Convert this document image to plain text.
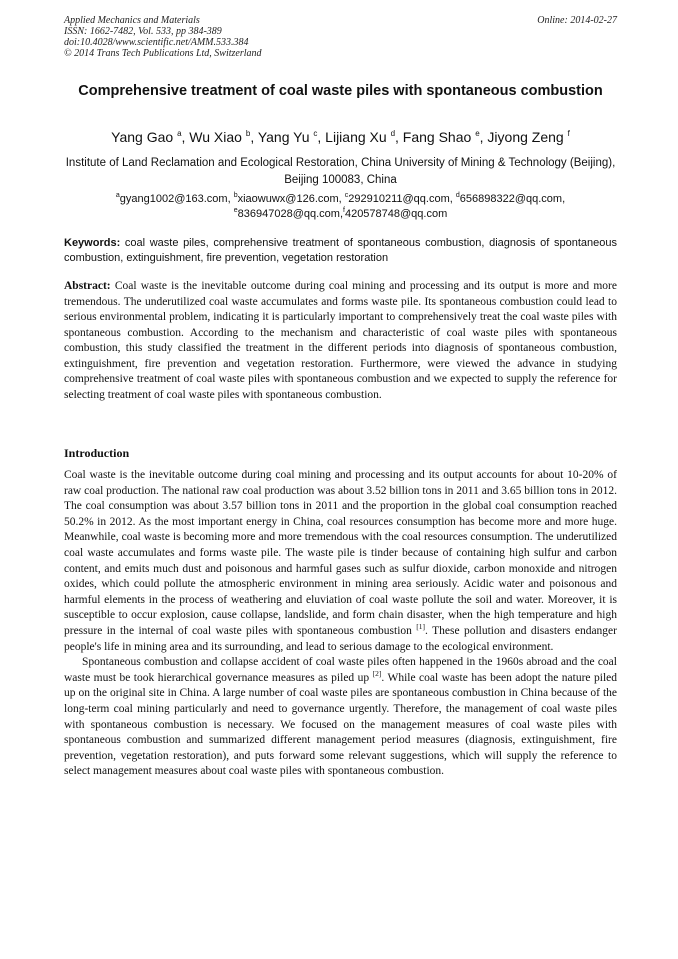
Applied Mechanics and Materials
ISSN: 1662-7482, Vol. 533, pp 384-389
doi:10.4028/www.scientific.net/AMM.533.384
© 2014 Trans Tech Publications Ltd, Switzerland
Online: 2014-02-27
Comprehensive treatment of coal waste piles with spontaneous combustion
Yang Gao $^a$, Wu Xiao $^b$, Yang Yu $^c$, Lijiang Xu $^d$, Fang Shao $^e$, Jiyong Zeng $^f$
Institute of Land Reclamation and Ecological Restoration, China University of Mining & Technology (Beijing), Beijing 100083, China
$^a$gyang1002@163.com, $^b$xiaowuwx@126.com, $^c$292910211@qq.com, $^d$656898322@qq.com,
$^e$836947028@qq.com,$^f$420578748@qq.com
Keywords: coal waste piles, comprehensive treatment of spontaneous combustion, diagnosis of spontaneous combustion, extinguishment, fire prevention, vegetation restoration
Abstract: Coal waste is the inevitable outcome during coal mining and processing and its output is more and more tremendous. The underutilized coal waste accumulates and forms waste pile. Its spontaneous combustion could lead to serious environmental problem, indicating it is particularly important to comprehensively treat the coal waste piles with spontaneous combustion. According to the mechanism and characteristic of coal waste piles with spontaneous combustion, this study classified the treatment in the different periods into diagnosis of spontaneous combustion, extinguishment, fire prevention and vegetation restoration. Furthermore, were viewed the advance in studying comprehensive treatment of coal waste piles with spontaneous combustion and we expected to supply the reference for selecting treatment of coal waste piles with spontaneous combustion.
Introduction

Coal waste is the inevitable outcome during coal mining and processing and its output accounts for about 10-20% of raw coal production. The national raw coal production was about 3.52 billion tons in 2011 and 3.65 billion tons in 2012. The coal consumption was about 3.57 billion tons in 2011 and the proportion in the global coal consumption reached 50.2% in 2012. As the most important energy in China, coal resources consumption has become more and more huge. Meanwhile, coal waste is becoming more and more tremendous with the coal resources consumption. The underutilized coal waste accumulates and forms waste pile. The waste pile is tinder because of containing high sulfur and carbon content, and emits much dust and poisonous and harmful gases such as sulfur dioxide, carbon monoxide and nitrogen oxides, which could pollute the atmospheric environment in mining area seriously. Acidic water and poisonous and harmful elements in the process of weathering and eluviation of coal waste pollute the soil and water. Moreover, it is susceptible to occur explosion, cause collapse, landslide, and form chain disaster, when the high temperature and high pressure in the internal of coal waste piles with spontaneous combustion [1]. These pollution and disasters endanger people's life in mining area and its surrounding, and lead to serious damage to the ecological environment.

Spontaneous combustion and collapse accident of coal waste piles often happened in the 1960s abroad and the coal waste must be took hierarchical governance measures as piled up [2]. While coal waste has been adopt the nature piled up on the original site in China. A large number of coal waste piles are spontaneous combustion in China because of the long-term coal mining particularly and need to governance urgently. Therefore, the management of coal waste piles with spontaneous combustion is necessary. We focused on the management measures of coal waste piles with spontaneous combustion and summarized different management period measures (diagnosis, extinguishment, fire prevention, vegetation restoration), and puts forward some relevant suggestions, which will supply the reference to select management measures about coal waste piles with spontaneous combustion.
